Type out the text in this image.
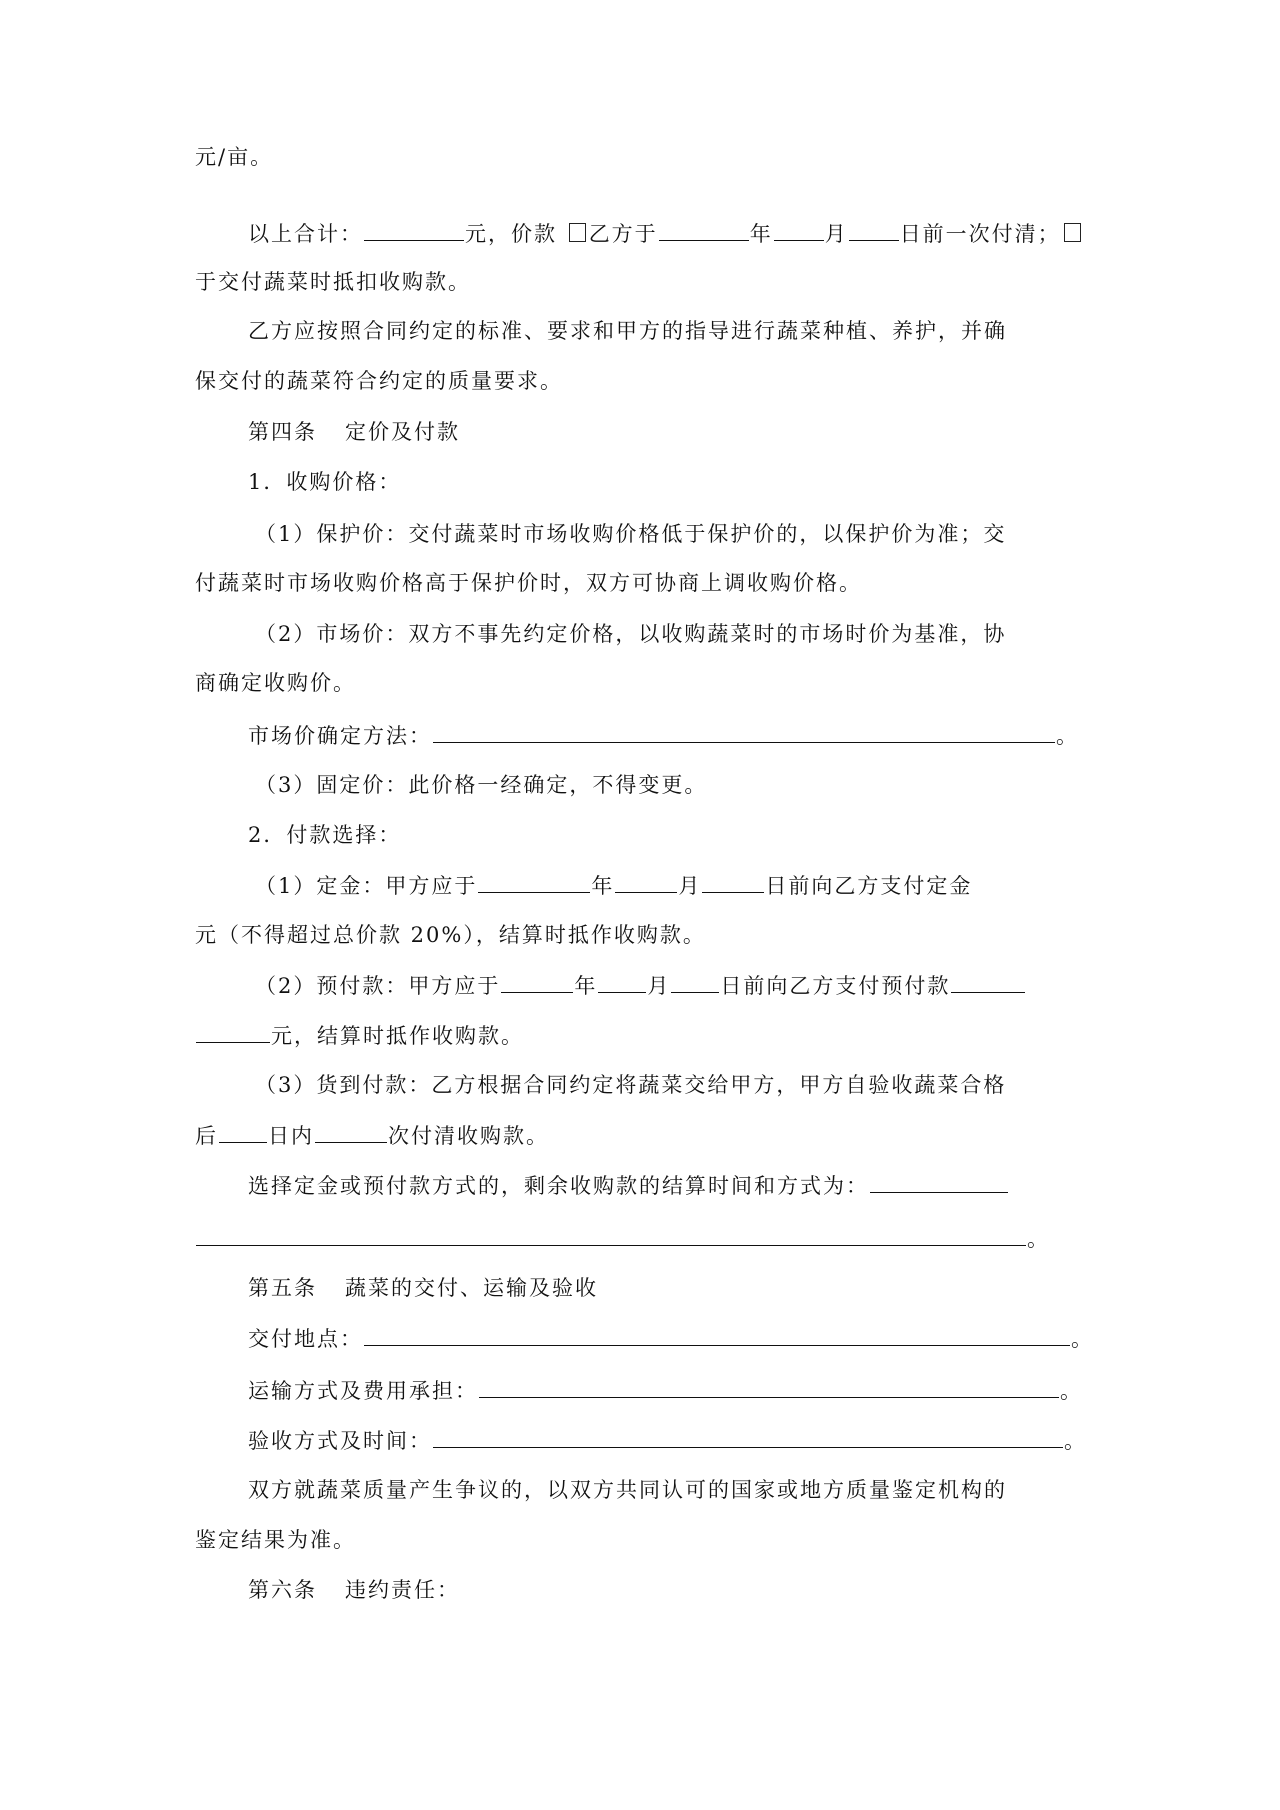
元/亩。
以上合计：	元，价款 乙方于	年 月 日前一次付清；
于交付蔬菜时抵扣收购款。
乙方应按照合同约定的标准、要求和甲方的指导进行蔬菜种植、养护，并确
保交付的蔬菜符合约定的质量要求。
第四条 定价及付款
1．收购价格：
（1）保护价：交付蔬菜时市场收购价格低于保护价的，以保护价为准；交
付蔬菜时市场收购价格高于保护价时，双方可协商上调收购价格。
（2）市场价：双方不事先约定价格，以收购蔬菜时的市场时价为基准，协
商确定收购价。
市场价确定方法：	。
（3）固定价：此价格一经确定，不得变更。
2．付款选择：
（1）定金：甲方应于	年	月	日前向乙方支付定金
元（不得超过总价款 20%），结算时抵作收购款。
（2）预付款：甲方应于	年 月 日前向乙方支付预付款
元，结算时抵作收购款。
（3）货到付款：乙方根据合同约定将蔬菜交给甲方，甲方自验收蔬菜合格
后 日内	次付清收购款。
选择定金或预付款方式的，剩余收购款的结算时间和方式为：
。
第五条 蔬菜的交付、运输及验收
交付地点：	。
运输方式及费用承担：	。
验收方式及时间：	。
双方就蔬菜质量产生争议的，以双方共同认可的国家或地方质量鉴定机构的
鉴定结果为准。
第六条 违约责任：
